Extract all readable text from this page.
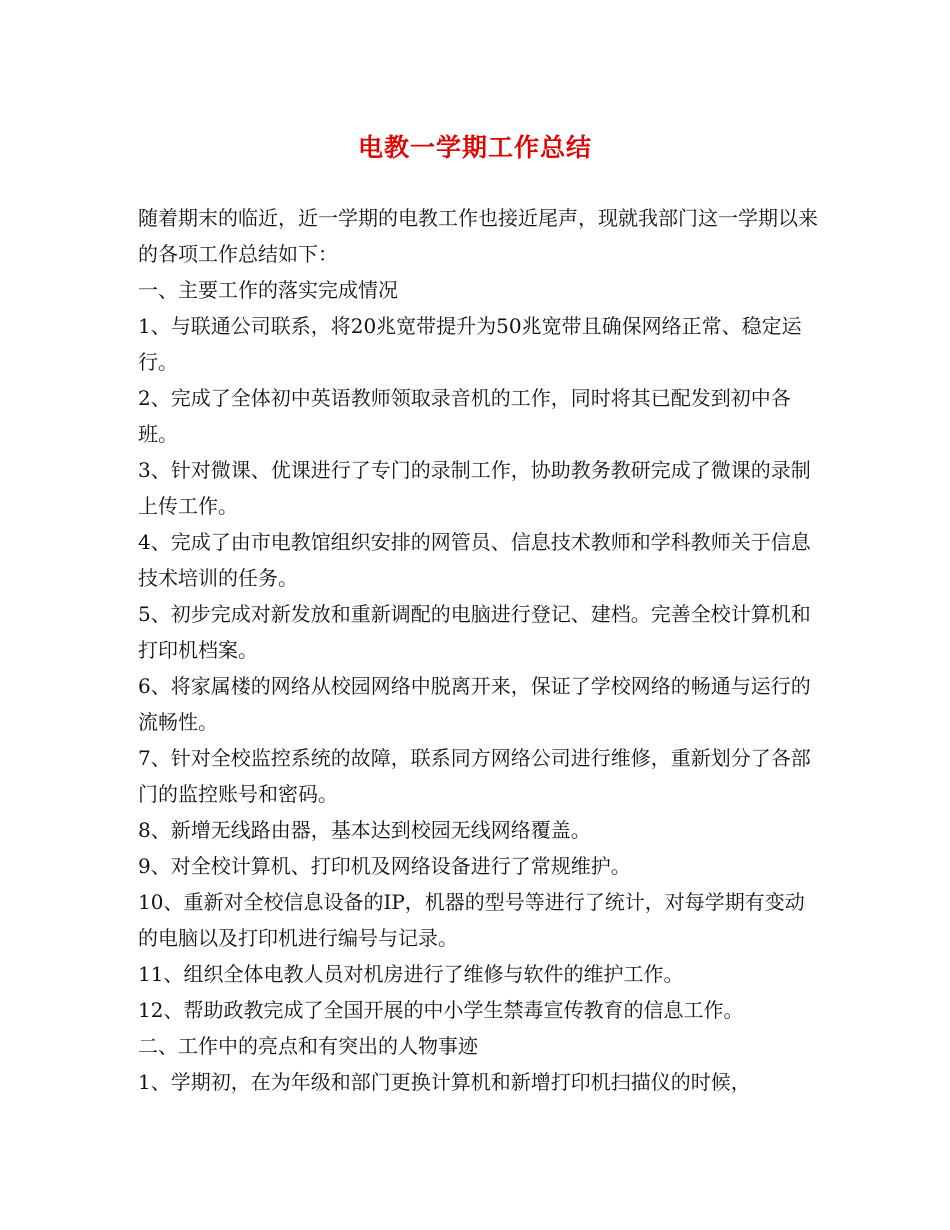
电教一学期工作总结

随着期末的临近，近一学期的电教工作也接近尾声，现就我部门这一学期以来的各项工作总结如下：

一、主要工作的落实完成情况

1、与联通公司联系，将20兆宽带提升为50兆宽带且确保网络正常、稳定运行。

2、完成了全体初中英语教师领取录音机的工作，同时将其已配发到初中各班。

3、针对微课、优课进行了专门的录制工作，协助教务教研完成了微课的录制上传工作。

4、完成了由市电教馆组织安排的网管员、信息技术教师和学科教师关于信息技术培训的任务。

5、初步完成对新发放和重新调配的电脑进行登记、建档。完善全校计算机和打印机档案。

6、将家属楼的网络从校园网络中脱离开来，保证了学校网络的畅通与运行的流畅性。

7、针对全校监控系统的故障，联系同方网络公司进行维修，重新划分了各部门的监控账号和密码。

8、新增无线路由器，基本达到校园无线网络覆盖。

9、对全校计算机、打印机及网络设备进行了常规维护。

10、重新对全校信息设备的IP，机器的型号等进行了统计，对每学期有变动的电脑以及打印机进行编号与记录。

11、组织全体电教人员对机房进行了维修与软件的维护工作。

12、帮助政教完成了全国开展的中小学生禁毒宣传教育的信息工作。

二、工作中的亮点和有突出的人物事迹

1、学期初，在为年级和部门更换计算机和新增打印机扫描仪的时候，
